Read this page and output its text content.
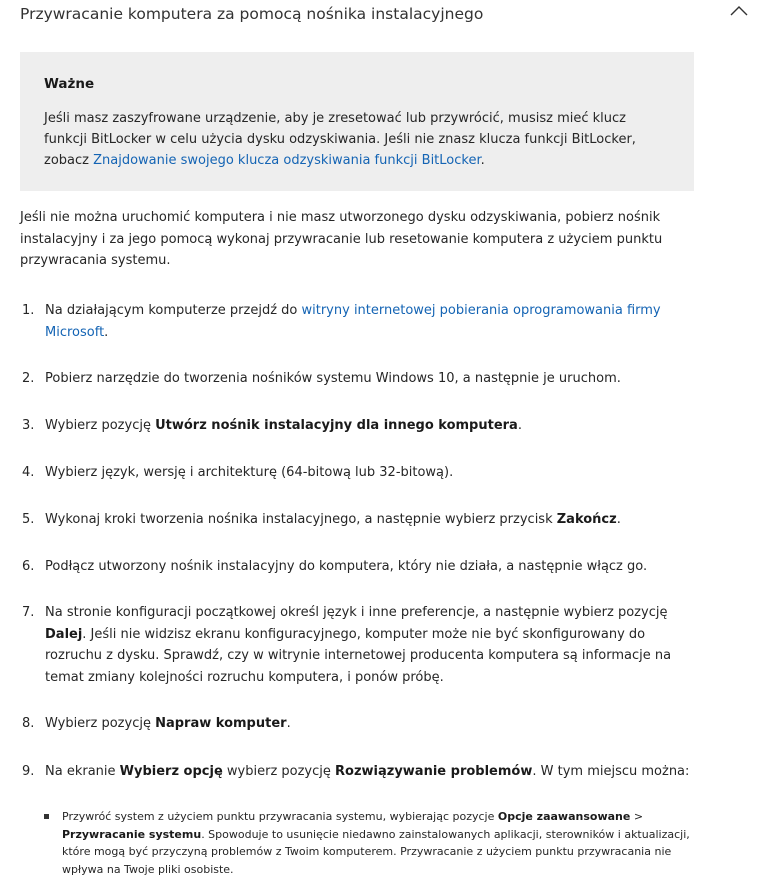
Przywracanie komputera za pomocą nośnika instalacyjnego
Ważne
Jeśli masz zaszyfrowane urządzenie, aby je zresetować lub przywrócić, musisz mieć klucz funkcji BitLocker w celu użycia dysku odzyskiwania. Jeśli nie znasz klucza funkcji BitLocker, zobacz Znajdowanie swojego klucza odzyskiwania funkcji BitLocker.
Jeśli nie można uruchomić komputera i nie masz utworzonego dysku odzyskiwania, pobierz nośnik instalacyjny i za jego pomocą wykonaj przywracanie lub resetowanie komputera z użyciem punktu przywracania systemu.
1. Na działającym komputerze przejdź do witryny internetowej pobierania oprogramowania firmy Microsoft.
2. Pobierz narzędzie do tworzenia nośników systemu Windows 10, a następnie je uruchom.
3. Wybierz pozycję Utwórz nośnik instalacyjny dla innego komputera.
4. Wybierz język, wersję i architekturę (64-bitową lub 32-bitową).
5. Wykonaj kroki tworzenia nośnika instalacyjnego, a następnie wybierz przycisk Zakończ.
6. Podłącz utworzony nośnik instalacyjny do komputera, który nie działa, a następnie włącz go.
7. Na stronie konfiguracji początkowej określ język i inne preferencje, a następnie wybierz pozycję Dalej. Jeśli nie widzisz ekranu konfiguracyjnego, komputer może nie być skonfigurowany do rozruchu z dysku. Sprawdź, czy w witrynie internetowej producenta komputera są informacje na temat zmiany kolejności rozruchu komputera, i ponów próbę.
8. Wybierz pozycję Napraw komputer.
9. Na ekranie Wybierz opcję wybierz pozycję Rozwiązywanie problemów. W tym miejscu można:
Przywróć system z użyciem punktu przywracania systemu, wybierając pozycje Opcje zaawansowane > Przywracanie systemu. Spowoduje to usunięcie niedawno zainstalowanych aplikacji, sterowników i aktualizacji, które mogą być przyczyną problemów z Twoim komputerem. Przywracanie z użyciem punktu przywracania nie wpływa na Twoje pliki osobiste.
